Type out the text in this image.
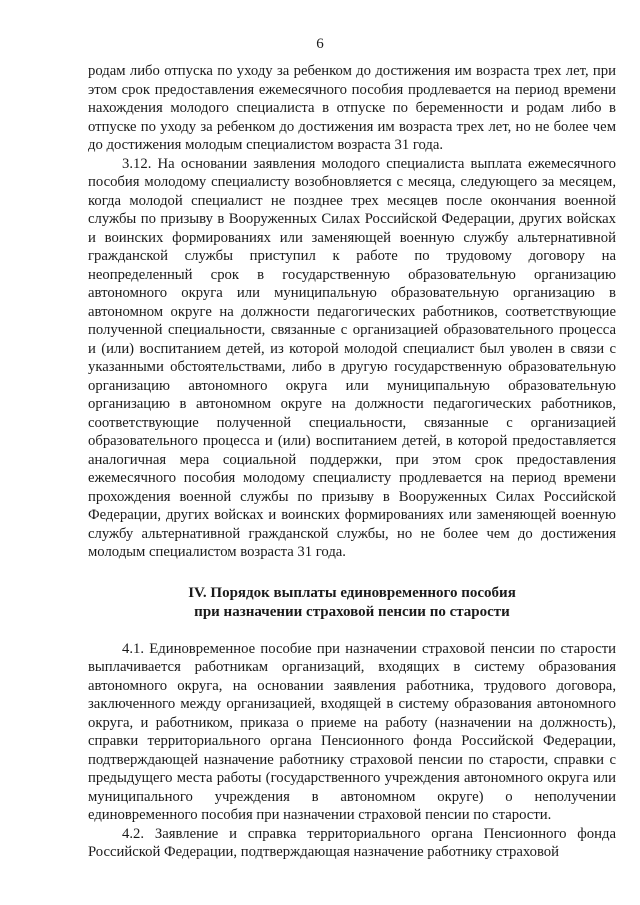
6

родам либо отпуска по уходу за ребенком до достижения им возраста трех лет, при этом срок предоставления ежемесячного пособия продлевается на период времени нахождения молодого специалиста в отпуске по беременности и родам либо в отпуске по уходу за ребенком до достижения им возраста трех лет, но не более чем до достижения молодым специалистом возраста 31 года.

3.12. На основании заявления молодого специалиста выплата ежемесячного пособия молодому специалисту возобновляется с месяца, следующего за месяцем, когда молодой специалист не позднее трех месяцев после окончания военной службы по призыву в Вооруженных Силах Российской Федерации, других войсках и воинских формированиях или заменяющей военную службу альтернативной гражданской службы приступил к работе по трудовому договору на неопределенный срок в государственную образовательную организацию автономного округа или муниципальную образовательную организацию в автономном округе на должности педагогических работников, соответствующие полученной специальности, связанные с организацией образовательного процесса и (или) воспитанием детей, из которой молодой специалист был уволен в связи с указанными обстоятельствами, либо в другую государственную образовательную организацию автономного округа или муниципальную образовательную организацию в автономном округе на должности педагогических работников, соответствующие полученной специальности, связанные с организацией образовательного процесса и (или) воспитанием детей, в которой предоставляется аналогичная мера социальной поддержки, при этом срок предоставления ежемесячного пособия молодому специалисту продлевается на период времени прохождения военной службы по призыву в Вооруженных Силах Российской Федерации, других войсках и воинских формированиях или заменяющей военную службу альтернативной гражданской службы, но не более чем до достижения молодым специалистом возраста 31 года.

IV. Порядок выплаты единовременного пособия
при назначении страховой пенсии по старости

4.1. Единовременное пособие при назначении страховой пенсии по старости выплачивается работникам организаций, входящих в систему образования автономного округа, на основании заявления работника, трудового договора, заключенного между организацией, входящей в систему образования автономного округа, и работником, приказа о приеме на работу (назначении на должность), справки территориального органа Пенсионного фонда Российской Федерации, подтверждающей назначение работнику страховой пенсии по старости, справки с предыдущего места работы (государственного учреждения автономного округа или муниципального учреждения в автономном округе) о неполучении единовременного пособия при назначении страховой пенсии по старости.

4.2. Заявление и справка территориального органа Пенсионного фонда Российской Федерации, подтверждающая назначение работнику страховой
